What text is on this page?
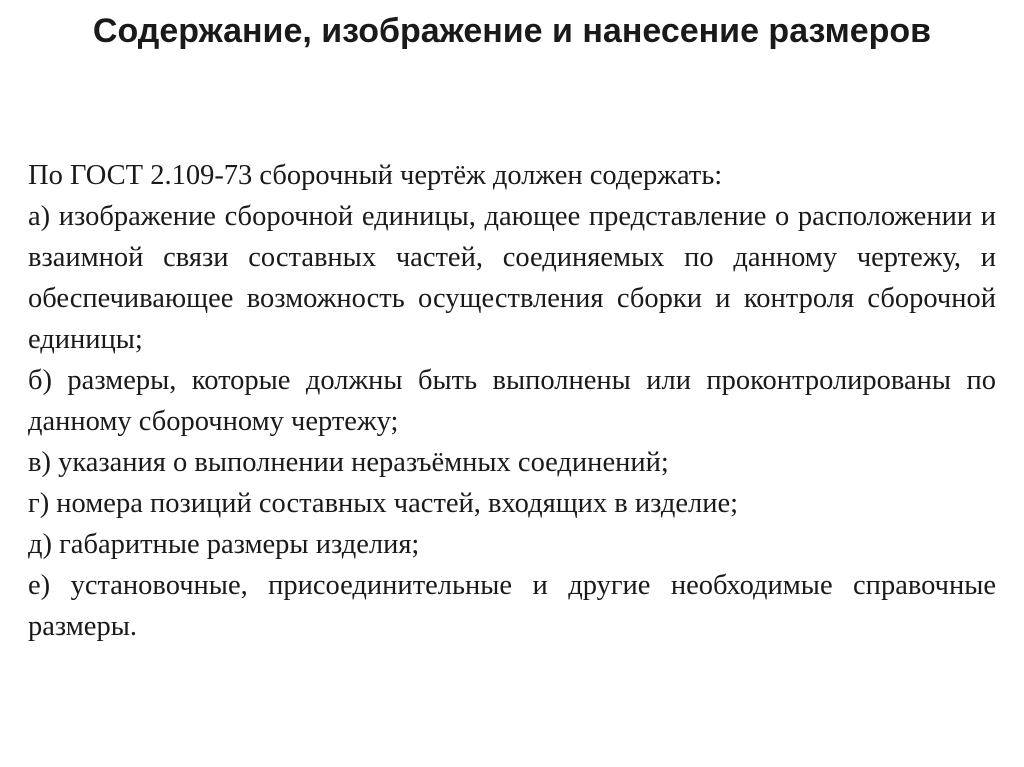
Содержание, изображение и нанесение размеров

По ГОСТ 2.109-73 сборочный чертёж должен содержать:

а) изображение сборочной единицы, дающее представление о расположении и взаимной связи составных частей, соединяемых по данному чертежу, и обеспечивающее возможность осуществления сборки и контроля сборочной единицы;

б) размеры, которые должны быть выполнены или проконтролированы по данному сборочному чертежу;

в) указания о выполнении неразъёмных соединений;

г) номера позиций составных частей, входящих в изделие;

д) габаритные размеры изделия;

е) установочные, присоединительные и другие необходимые справочные размеры.
